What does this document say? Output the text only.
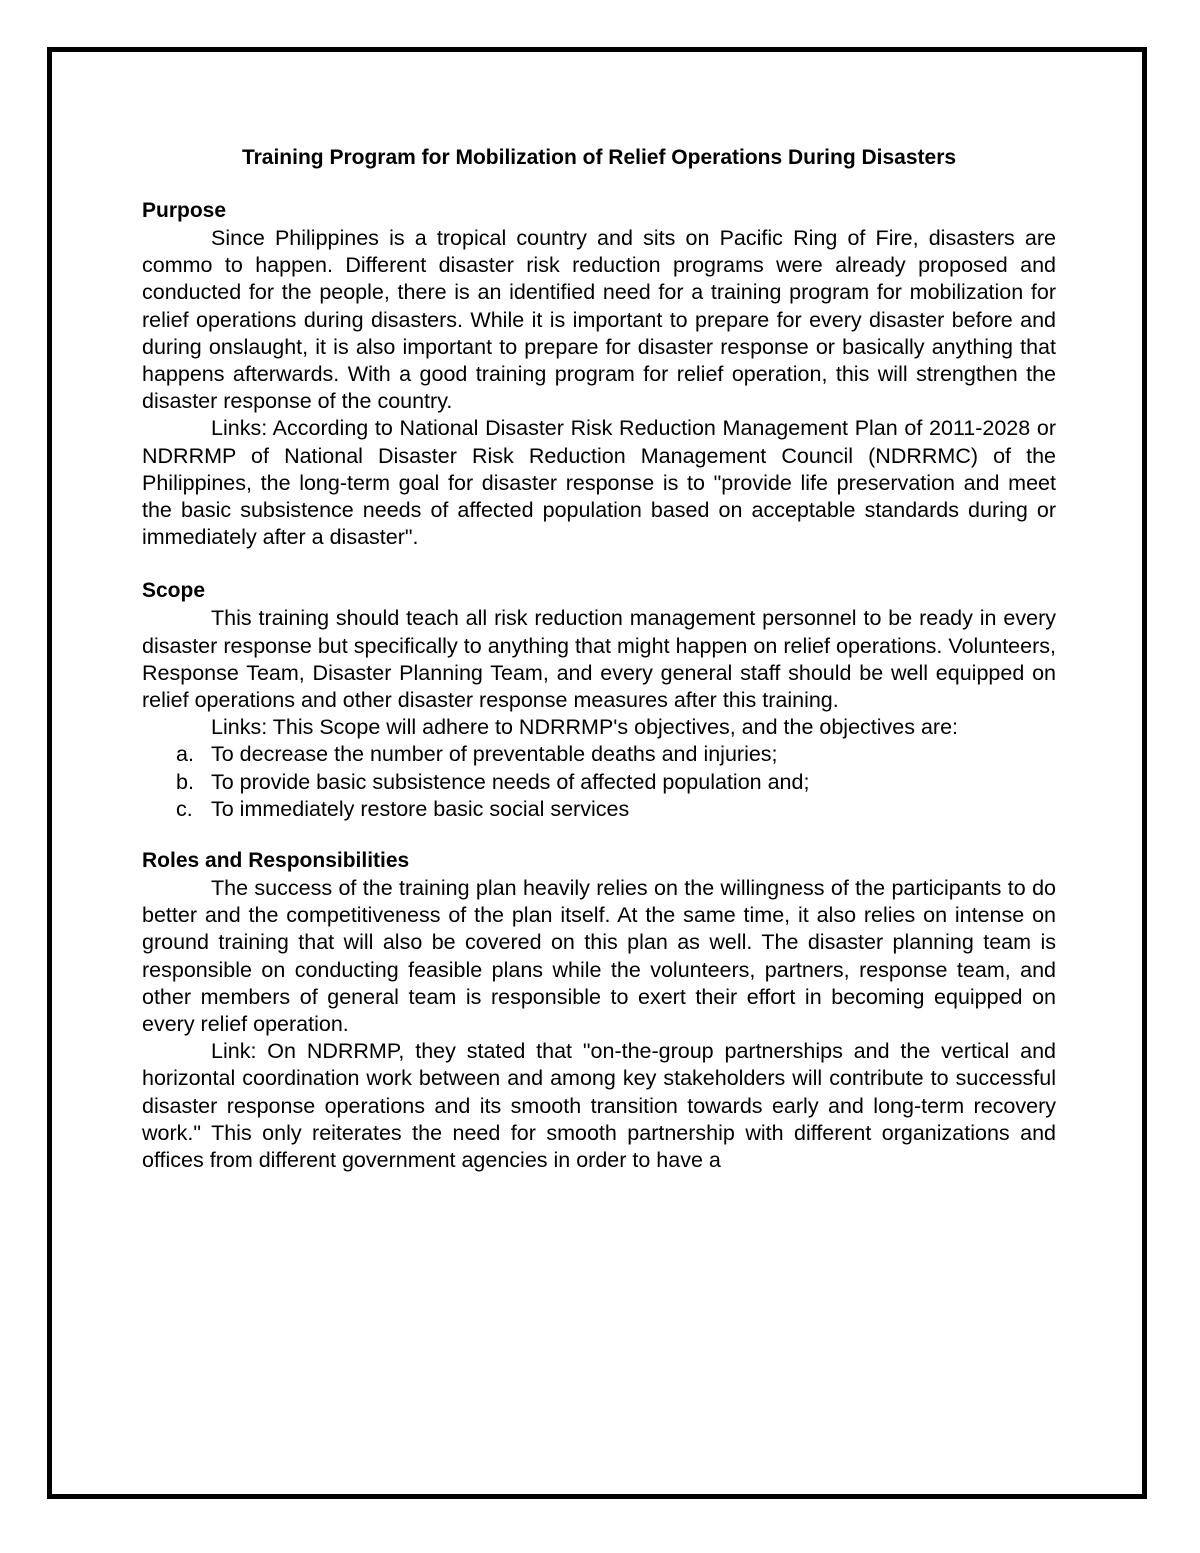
Training Program for Mobilization of Relief Operations During Disasters
Purpose

Since Philippines is a tropical country and sits on Pacific Ring of Fire, disasters are commo to happen. Different disaster risk reduction programs were already proposed and conducted for the people, there is an identified need for a training program for mobilization for relief operations during disasters. While it is important to prepare for every disaster before and during onslaught, it is also important to prepare for disaster response or basically anything that happens afterwards. With a good training program for relief operation, this will strengthen the disaster response of the country.

Links: According to National Disaster Risk Reduction Management Plan of 2011-2028 or NDRRMP of National Disaster Risk Reduction Management Council (NDRRMC) of the Philippines, the long-term goal for disaster response is to "provide life preservation and meet the basic subsistence needs of affected population based on acceptable standards during or immediately after a disaster".

Scope

This training should teach all risk reduction management personnel to be ready in every disaster response but specifically to anything that might happen on relief operations. Volunteers, Response Team, Disaster Planning Team, and every general staff should be well equipped on relief operations and other disaster response measures after this training.

Links: This Scope will adhere to NDRRMP's objectives, and the objectives are:

a. To decrease the number of preventable deaths and injuries;
b. To provide basic subsistence needs of affected population and;
c. To immediately restore basic social services
Roles and Responsibilities

The success of the training plan heavily relies on the willingness of the participants to do better and the competitiveness of the plan itself. At the same time, it also relies on intense on ground training that will also be covered on this plan as well. The disaster planning team is responsible on conducting feasible plans while the volunteers, partners, response team, and other members of general team is responsible to exert their effort in becoming equipped on every relief operation.

Link: On NDRRMP, they stated that "on-the-group partnerships and the vertical and horizontal coordination work between and among key stakeholders will contribute to successful disaster response operations and its smooth transition towards early and long-term recovery work." This only reiterates the need for smooth partnership with different organizations and offices from different government agencies in order to have a
